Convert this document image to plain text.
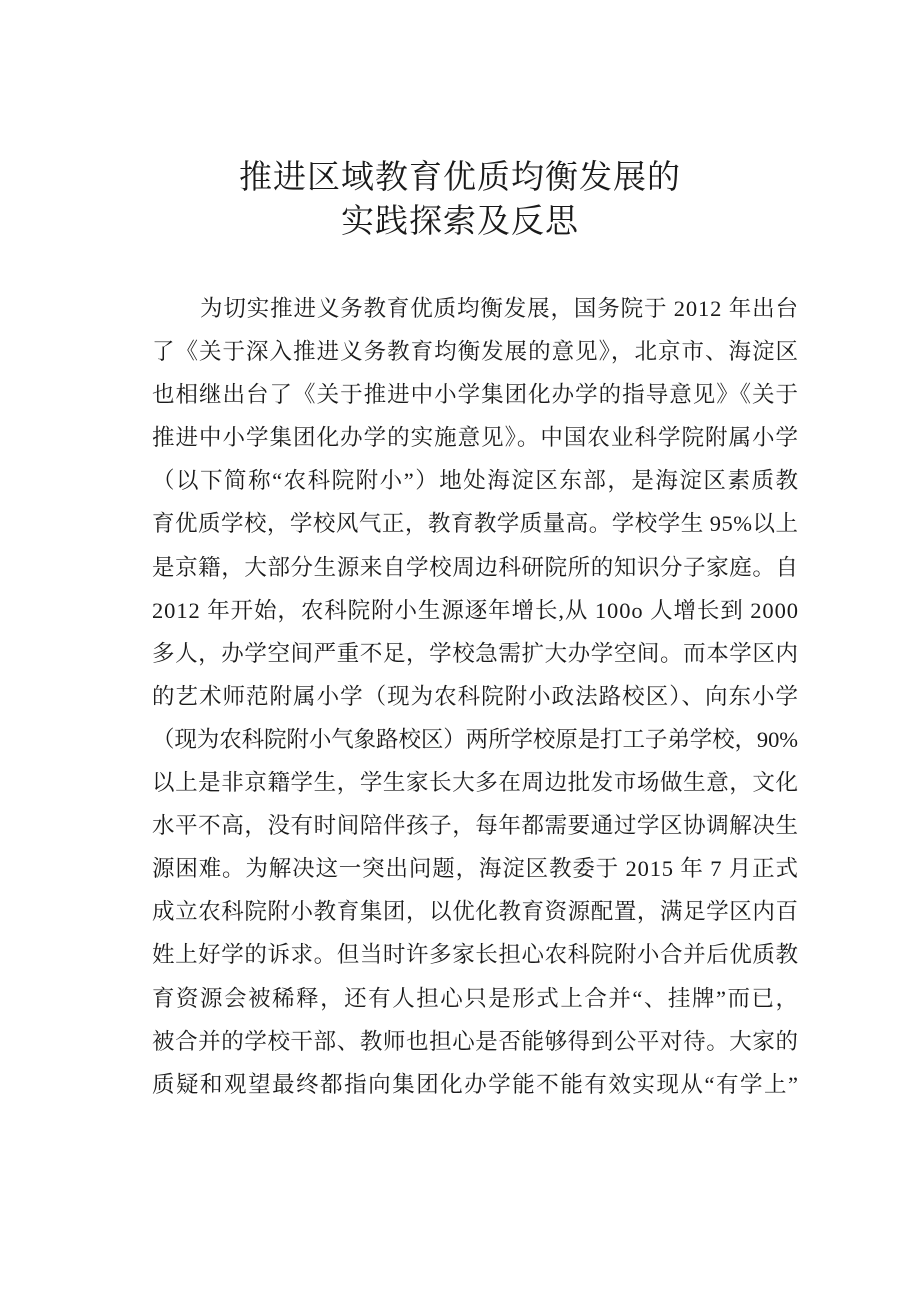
推进区域教育优质均衡发展的
实践探索及反思
为切实推进义务教育优质均衡发展，国务院于 2012 年出台
了《关于深入推进义务教育均衡发展的意见》，北京市、海淀区
也相继出台了《关于推进中小学集团化办学的指导意见》《关于
推进中小学集团化办学的实施意见》。中国农业科学院附属小学
（以下简称“农科院附小”）地处海淀区东部，是海淀区素质教
育优质学校，学校风气正，教育教学质量高。学校学生 95%以上
是京籍，大部分生源来自学校周边科研院所的知识分子家庭。自
2012 年开始，农科院附小生源逐年增长,从 100o 人增长到 2000
多人，办学空间严重不足，学校急需扩大办学空间。而本学区内
的艺术师范附属小学（现为农科院附小政法路校区）、向东小学
（现为农科院附小气象路校区）两所学校原是打工子弟学校，90%
以上是非京籍学生，学生家长大多在周边批发市场做生意，文化
水平不高，没有时间陪伴孩子，每年都需要通过学区协调解决生
源困难。为解决这一突出问题，海淀区教委于 2015 年 7 月正式
成立农科院附小教育集团，以优化教育资源配置，满足学区内百
姓上好学的诉求。但当时许多家长担心农科院附小合并后优质教
育资源会被稀释，还有人担心只是形式上合并“、挂牌”而已，
被合并的学校干部、教师也担心是否能够得到公平对待。大家的
质疑和观望最终都指向集团化办学能不能有效实现从“有学上”
